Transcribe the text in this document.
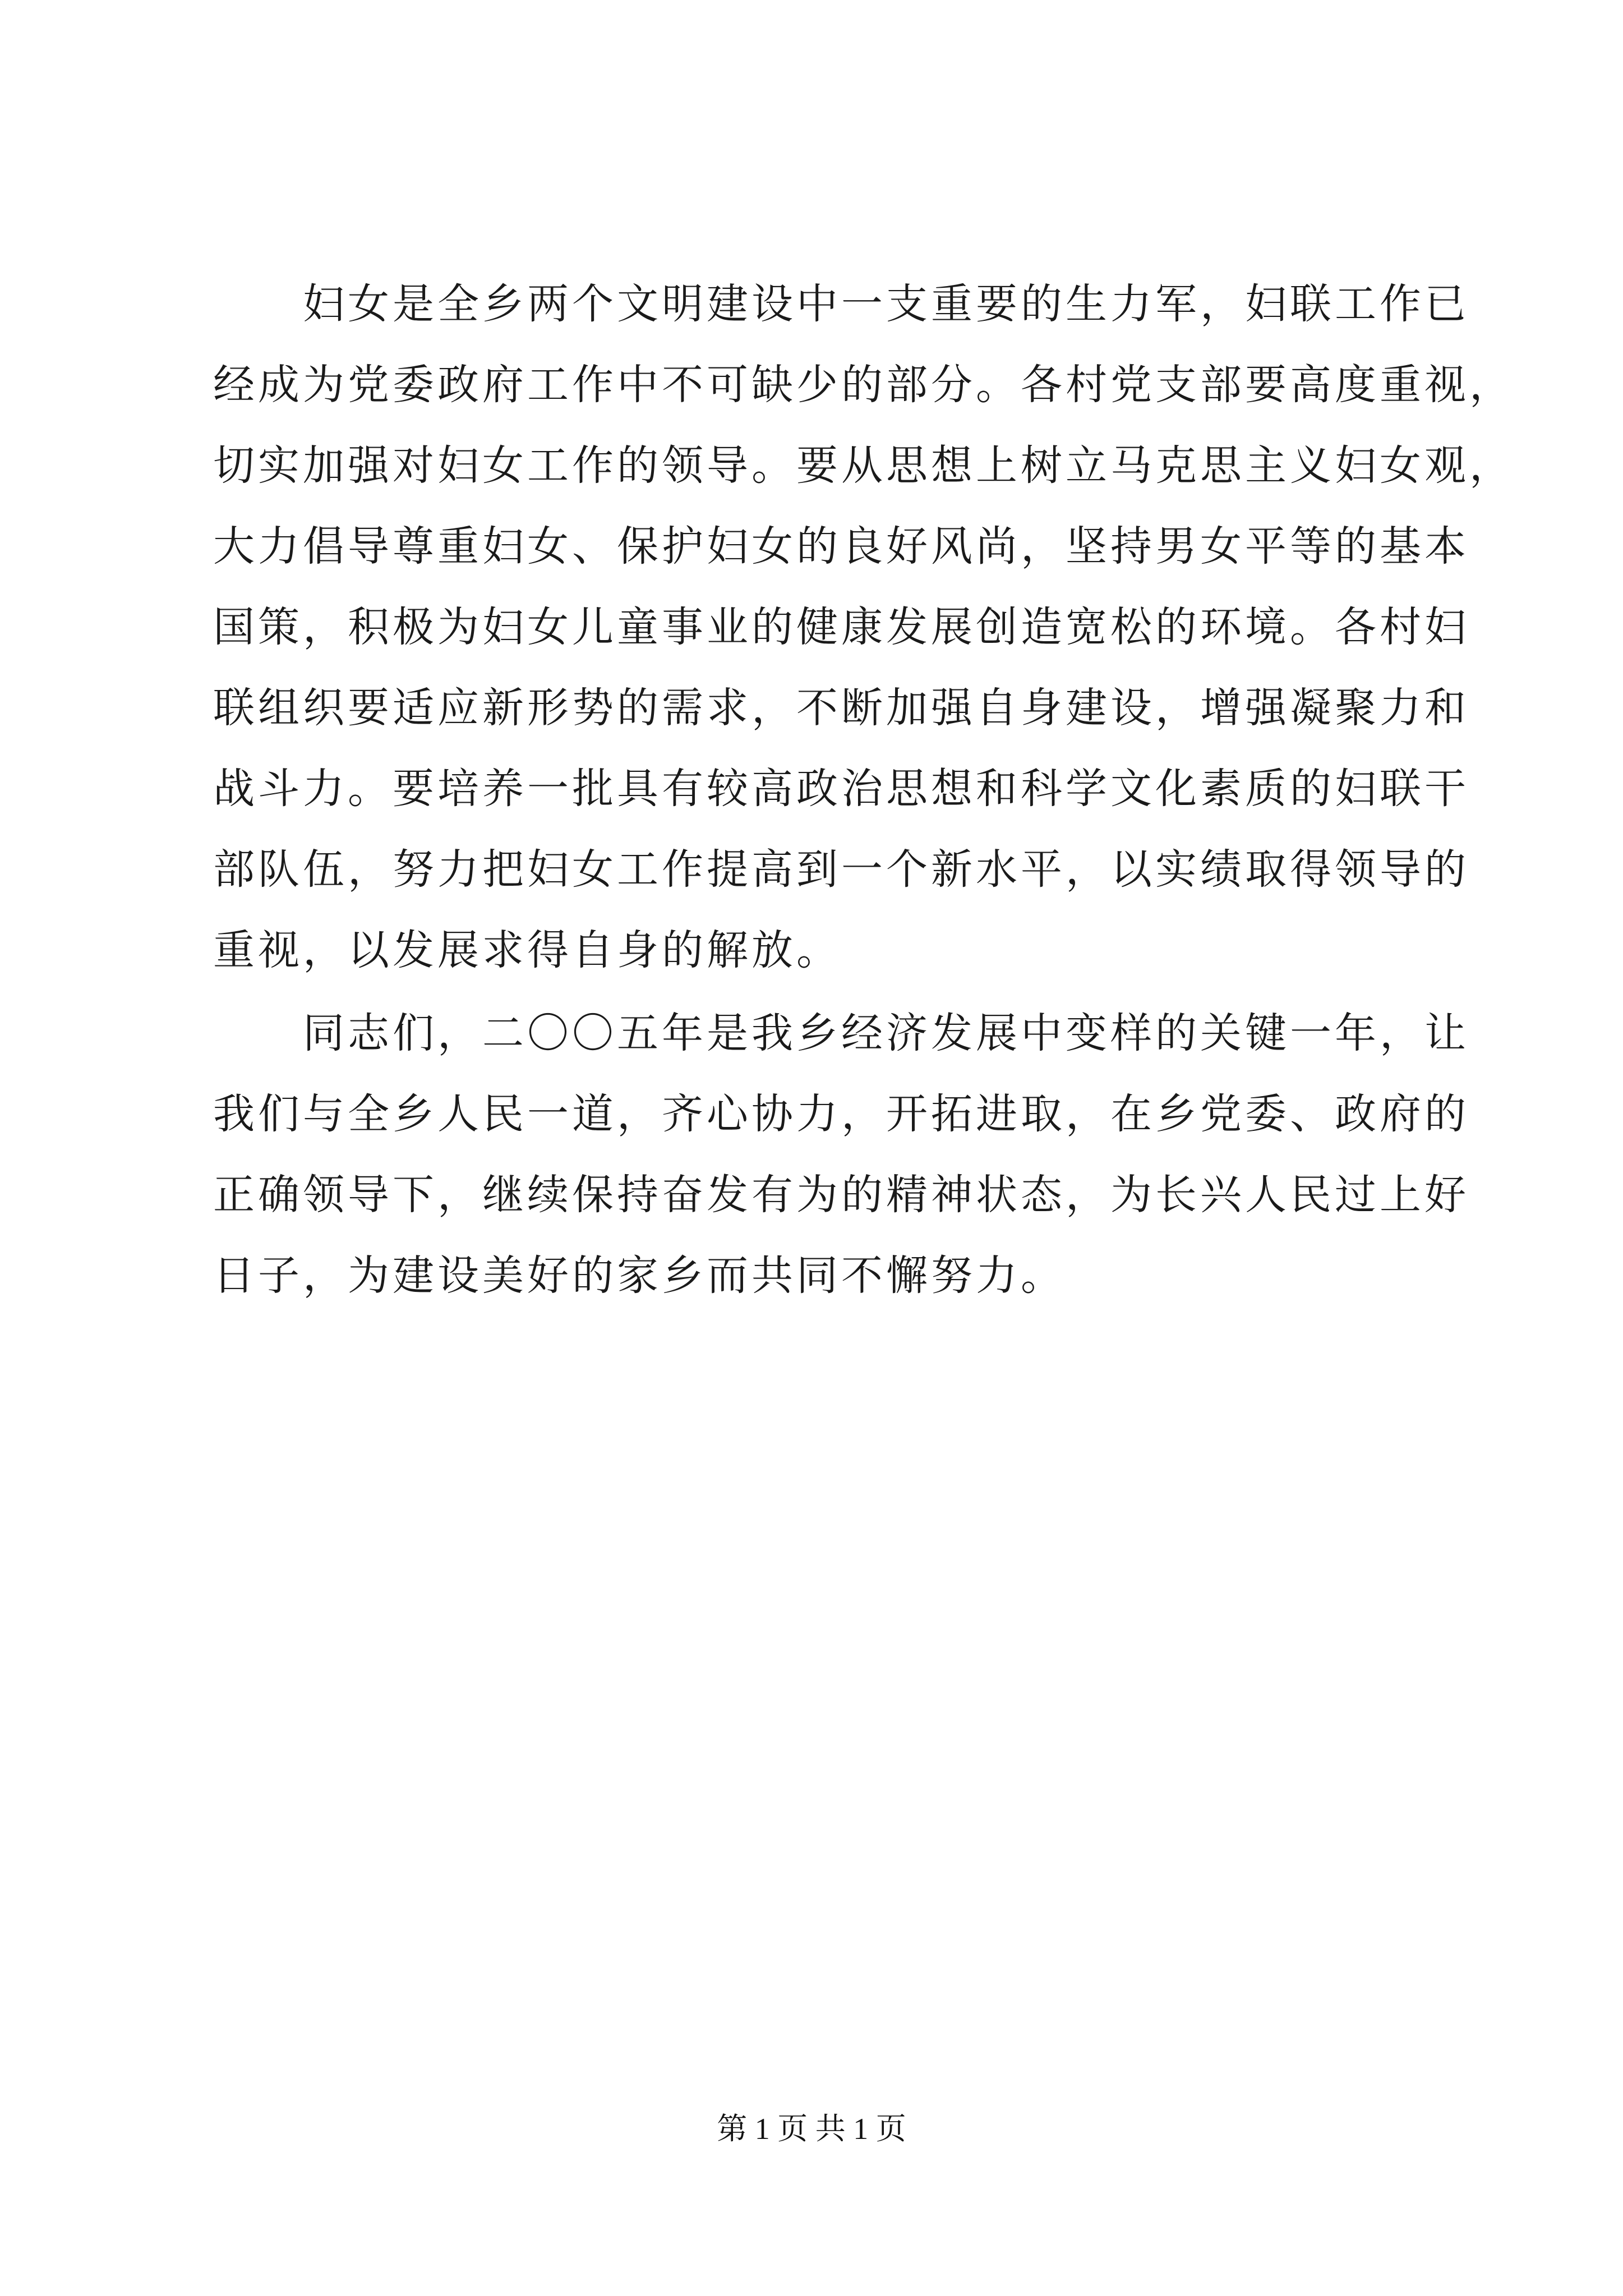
妇女是全乡两个文明建设中一支重要的生力军，妇联工作已
经成为党委政府工作中不可缺少的部分。各村党支部要高度重视，
切实加强对妇女工作的领导。要从思想上树立马克思主义妇女观，
大力倡导尊重妇女、保护妇女的良好风尚，坚持男女平等的基本
国策，积极为妇女儿童事业的健康发展创造宽松的环境。各村妇
联组织要适应新形势的需求，不断加强自身建设，增强凝聚力和
战斗力。要培养一批具有较高政治思想和科学文化素质的妇联干
部队伍，努力把妇女工作提高到一个新水平，以实绩取得领导的
重视，以发展求得自身的解放。
同志们，二〇〇五年是我乡经济发展中变样的关键一年，让
我们与全乡人民一道，齐心协力，开拓进取，在乡党委、政府的
正确领导下，继续保持奋发有为的精神状态，为长兴人民过上好
日子，为建设美好的家乡而共同不懈努力。
第 1 页 共 1 页
